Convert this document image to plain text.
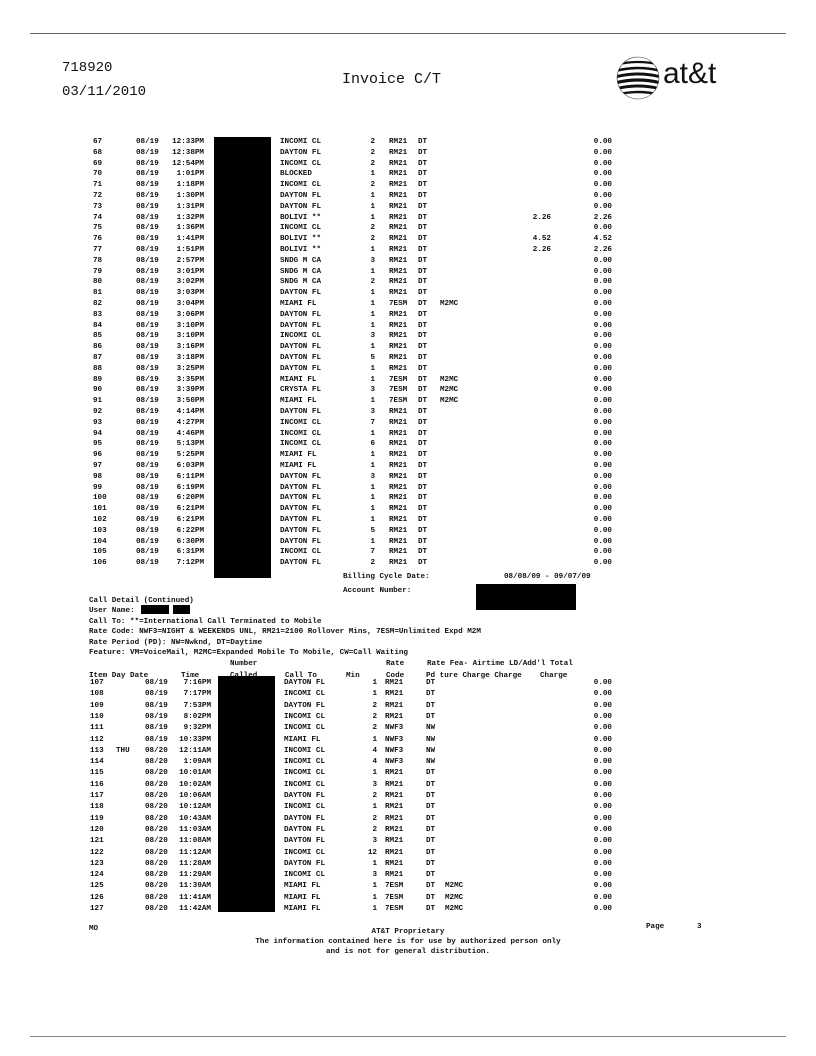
718920
03/11/2010
Invoice C/T	at&t
67	08/19 12:33PM	INCOMI CL	2 RM21 DT	0.00
68	08/19 12:38PM	DAYTON FL	2 RM21 DT	0.00
69	08/19 12:54PM	INCOMI CL	2 RM21 DT	0.00
70	08/19 1:01PM	BLOCKED	1 RM21 DT	0.00
71	08/19 1:18PM	INCOMI CL	2 RM21 DT	0.00
72	08/19 1:30PM	DAYTON FL	1 RM21 DT	0.00
73	08/19 1:31PM	DAYTON FL	1 RM21 DT	0.00
74	08/19 1:32PM	BOLIVI **	1 RM21 DT	2.26	2.26
75	08/19 1:36PM	INCOMI CL	2 RM21 DT	0.00
76	08/19 1:41PM	BOLIVI **	2 RM21 DT	4.52	4.52
77	08/19 1:51PM	BOLIVI **	1 RM21 DT	2.26	2.26
78	08/19 2:57PM	SNDG M CA	3 RM21 DT	0.00
79	08/19 3:01PM	SNDG M CA	1 RM21 DT	0.00
80	08/19 3:02PM	SNDG M CA	2 RM21 DT	0.00
81	08/19 3:03PM	DAYTON FL	1 RM21 DT	0.00
82	08/19 3:04PM	MIAMI FL	1 7ESM DT M2MC	0.00
83	08/19 3:06PM	DAYTON FL	1 RM21 DT	0.00
84	08/19 3:10PM	DAYTON FL	1 RM21 DT	0.00
85	08/19 3:10PM	INCOMI CL	3 RM21 DT	0.00
86	08/19 3:16PM	DAYTON FL	1 RM21 DT	0.00
87	08/19 3:18PM	DAYTON FL	5 RM21 DT	0.00
88	08/19 3:25PM	DAYTON FL	1 RM21 DT	0.00
89	08/19 3:35PM	MIAMI FL	1 7ESM DT M2MC	0.00
90	08/19 3:39PM	CRYSTA FL	3 7ESM DT M2MC	0.00
91	08/19 3:50PM	MIAMI FL	1 7ESM DT M2MC	0.00
92	08/19 4:14PM	DAYTON FL	3 RM21 DT	0.00
93	08/19 4:27PM	INCOMI CL	7 RM21 DT	0.00
94	08/19 4:46PM	INCOMI CL	1 RM21 DT	0.00
95	08/19 5:13PM	INCOMI CL	6 RM21 DT	0.00
96	08/19 5:25PM	MIAMI FL	1 RM21 DT	0.00
97	08/19 6:03PM	MIAMI FL	1 RM21 DT	0.00
98	08/19 6:11PM	DAYTON FL	3 RM21 DT	0.00
99	08/19 6:19PM	DAYTON FL	1 RM21 DT	0.00
100	08/19 6:20PM	DAYTON FL	1 RM21 DT	0.00
101	08/19 6:21PM	DAYTON FL	1 RM21 DT	0.00
102	08/19 6:21PM	DAYTON FL	1 RM21 DT	0.00
103	08/19 6:22PM	DAYTON FL	5 RM21 DT	0.00
104	08/19 6:30PM	DAYTON FL	1 RM21 DT	0.00
105	08/19 6:31PM	INCOMI CL	7 RM21 DT	0.00
106	08/19 7:12PM	DAYTON FL	2 RM21 DT	0.00
Billing Cycle Date:	08/08/09 - 09/07/09
Account Number:
Call Detail (Continued)
User Name:
Call To: **=International Call Terminated to Mobile
Rate Code: NWF3=NIGHT & WEEKENDS UNL, RM21=2100 Rollover Mins, 7ESM=Unlimited Expd M2M
Rate Period (PD): NW=Nwknd, DT=Daytime
Feature: VM=VoiceMail, M2MC=Expanded Mobile To Mobile, CW=Call Waiting
Number	Rate	Rate Fea- Airtime LD/Add'l Total
Item Day Date	Time	Call To	Min	Code	Pd ture Charge Charge Charge
107	08/19 7:16PM	DAYTON FL	1 RM21	DT	0.00
108	08/19 7:17PM	INCOMI CL	1 RM21	DT	0.00
109	08/19 7:53PM	DAYTON FL	2 RM21	DT	0.00
110	08/19 8:02PM	INCOMI CL	2 RM21	DT	0.00
111	08/19 9:32PM	INCOMI CL	2 NWF3	NW	0.00
112	08/19 10:33PM	MIAMI FL	1 NWF3	NW	0.00
113 THU 08/20 12:11AM	INCOMI CL	4 NWF3	NW	0.00
114	08/20 1:09AM	INCOMI CL	4 NWF3	NW	0.00
115	08/20 10:01AM	INCOMI CL	1 RM21	DT	0.00
116	08/20 10:02AM	INCOMI CL	3 RM21	DT	0.00
117	08/20 10:06AM	DAYTON FL	2 RM21	DT	0.00
118	08/20 10:12AM	INCOMI CL	1 RM21	DT	0.00
119	08/20 10:43AM	DAYTON FL	2 RM21	DT	0.00
120	08/20 11:03AM	DAYTON FL	2 RM21	DT	0.00
121	08/20 11:08AM	DAYTON FL	3 RM21	DT	0.00
122	08/20 11:12AM	INCOMI CL	12 RM21	DT	0.00
123	08/20 11:28AM	DAYTON FL	1 RM21	DT	0.00
124	08/20 11:29AM	INCOMI CL	3 RM21	DT	0.00
125	08/20 11:39AM	MIAMI FL	1 7ESM	DT M2MC	0.00
126	08/20 11:41AM	MIAMI FL	1 7ESM	DT M2MC	0.00
127	08/20 11:42AM	MIAMI FL	1 7ESM	DT M2MC	0.00
MO	Page	3
AT&T Proprietary
The information contained here is for use by authorized person only
and is not for general distribution.
